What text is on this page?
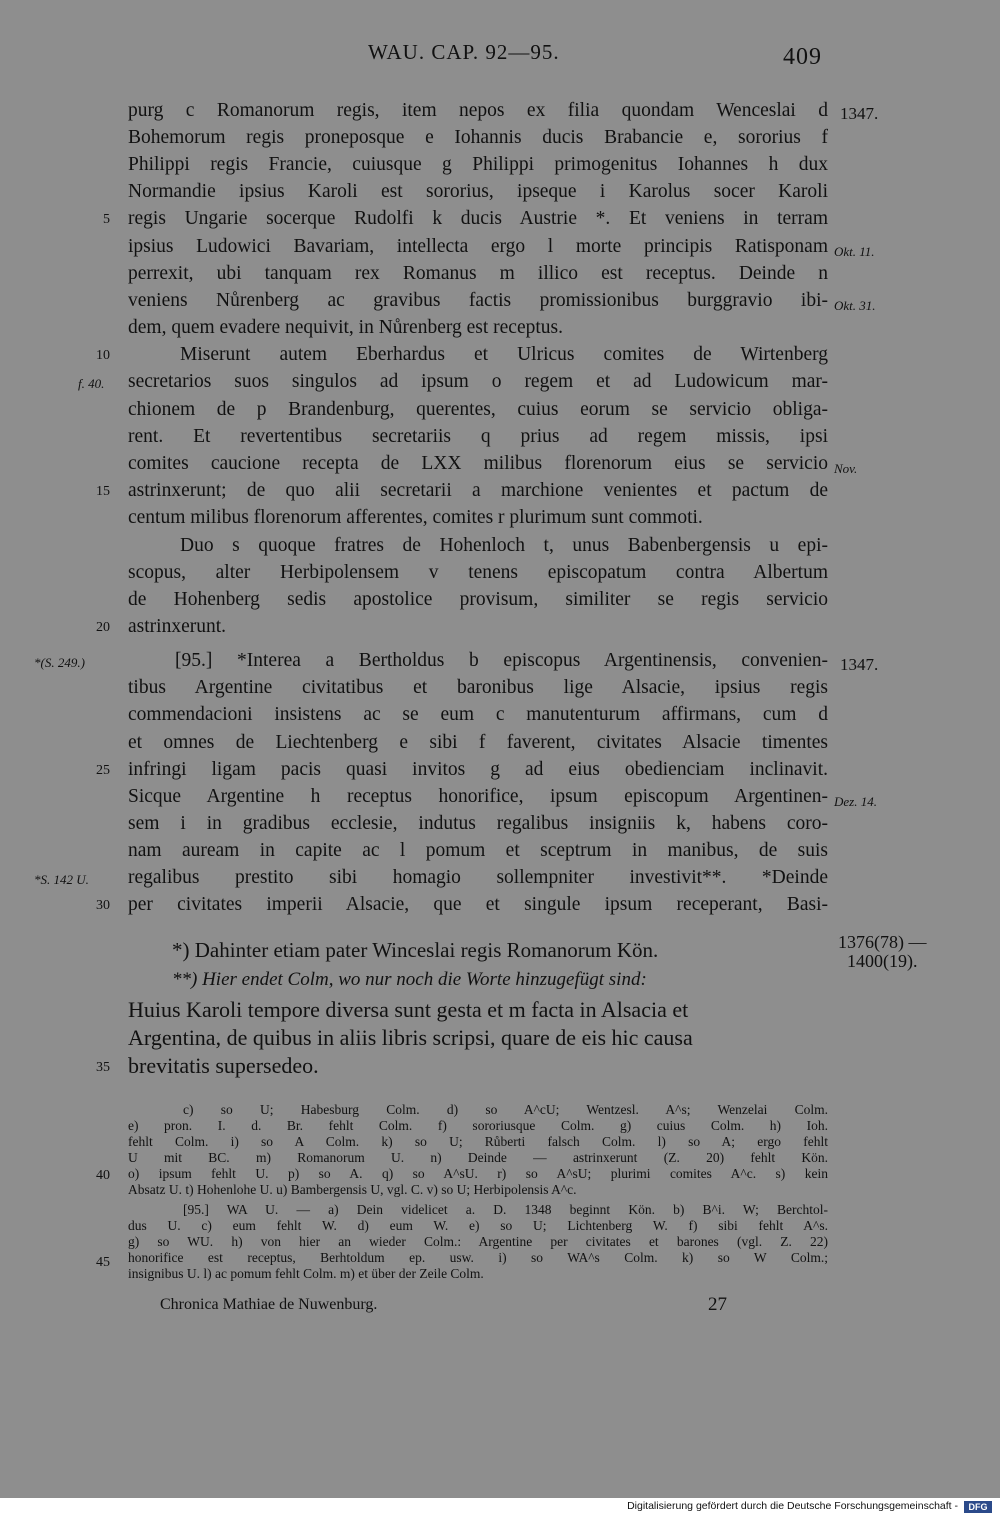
WAU. CAP. 92—95.	409
purg c Romanorum regis, item nepos ex filia quondam Wenceslai d
Bohemorum regis proneposque e Iohannis ducis Brabancie e, sororius f
Philippi regis Francie, cuiusque g Philippi primogenitus Iohannes h dux
Normandie ipsius Karoli est sororius, ipseque i Karolus socer Karoli
regis Ungarie socerque Rudolfi k ducis Austrie *. Et veniens in terram
ipsius Ludowici Bavariam, intellecta ergo l morte principis Ratisponam
perrexit, ubi tanquam rex Romanus m illico est receptus. Deinde n
veniens Nůrenberg ac gravibus factis promissionibus burggravio ibi-
dem, quem evadere nequivit, in Nůrenberg est receptus.
Miserunt autem Eberhardus et Ulricus comites de Wirtenberg
secretarios suos singulos ad ipsum o regem et ad Ludowicum mar-
chionem de p Brandenburg, querentes, cuius eorum se servicio obliga-
rent. Et revertentibus secretariis q prius ad regem missis, ipsi
comites caucione recepta de LXX milibus florenorum eius se servicio
astrinxerunt; de quo alii secretarii a marchione venientes et pactum de
centum milibus florenorum afferentes, comites r plurimum sunt commoti.
Duo s quoque fratres de Hohenloch t, unus Babenbergensis u epi-
scopus, alter Herbipolensem v tenens episcopatum contra Albertum
de Hohenberg sedis apostolice provisum, similiter se regis servicio
astrinxerunt.
[95.] *Interea a Bertholdus b episcopus Argentinensis, convenien-
tibus Argentine civitatibus et baronibus lige Alsacie, ipsius regis
commendacioni insistens ac se eum c manutenturum affirmans, cum d
et omnes de Liechtenberg e sibi f faverent, civitates Alsacie timentes
infringi ligam pacis quasi invitos g ad eius obedienciam inclinavit.
Sicque Argentine h receptus honorifice, ipsum episcopum Argentinen-
sem i in gradibus ecclesie, indutus regalibus insigniis k, habens coro-
nam auream in capite ac l pomum et sceptrum in manibus, de suis
regalibus prestito sibi homagio sollempniter investivit**. *Deinde
per civitates imperii Alsacie, que et singule ipsum receperant, Basi-
5
10
15
20
25
30
35
40
45
f. 40.
*(S. 249.)
*S. 142 U.
1347.
Okt. 11.
Okt. 31.
Nov.
1347.
Dez. 14.
*) Dahinter etiam pater Winceslai regis Romanorum Kön.
**) Hier endet Colm, wo nur noch die Worte hinzugefügt sind:
Huius Karoli tempore diversa sunt gesta et m facta in Alsacia et
Argentina, de quibus in aliis libris scripsi, quare de eis hic causa
brevitatis supersedeo.
1376(78) —
1400(19).
c) so U; Habesburg Colm. d) so A^cU; Wentzesl. A^s; Wenzelai Colm.
e) pron. I. d. Br. fehlt Colm. f) sororiusque Colm. g) cuius Colm. h) Ioh.
fehlt Colm. i) so A Colm. k) so U; Růberti falsch Colm. l) so A; ergo fehlt
U mit BC. m) Romanorum U. n) Deinde — astrinxerunt (Z. 20) fehlt Kön.
o) ipsum fehlt U. p) so A. q) so A^sU. r) so A^sU; plurimi comites A^c. s) kein
Absatz U. t) Hohenlohe U. u) Bambergensis U, vgl. C. v) so U; Herbipolensis A^c.
[95.] WA U. — a) Dein videlicet a. D. 1348 beginnt Kön. b) B^i. W; Berchtol-
dus U. c) eum fehlt W. d) eum W. e) so U; Lichtenberg W. f) sibi fehlt A^s.
g) so WU. h) von hier an wieder Colm.: Argentine per civitates et barones (vgl. Z. 22)
honorifice est receptus, Berhtoldum ep. usw. i) so WA^s Colm. k) so W Colm.;
insignibus U. l) ac pomum fehlt Colm. m) et über der Zeile Colm.
Chronica Mathiae de Nuwenburg.	27
Digitalisierung gefördert durch die Deutsche Forschungsgemeinschaft -	DFG
